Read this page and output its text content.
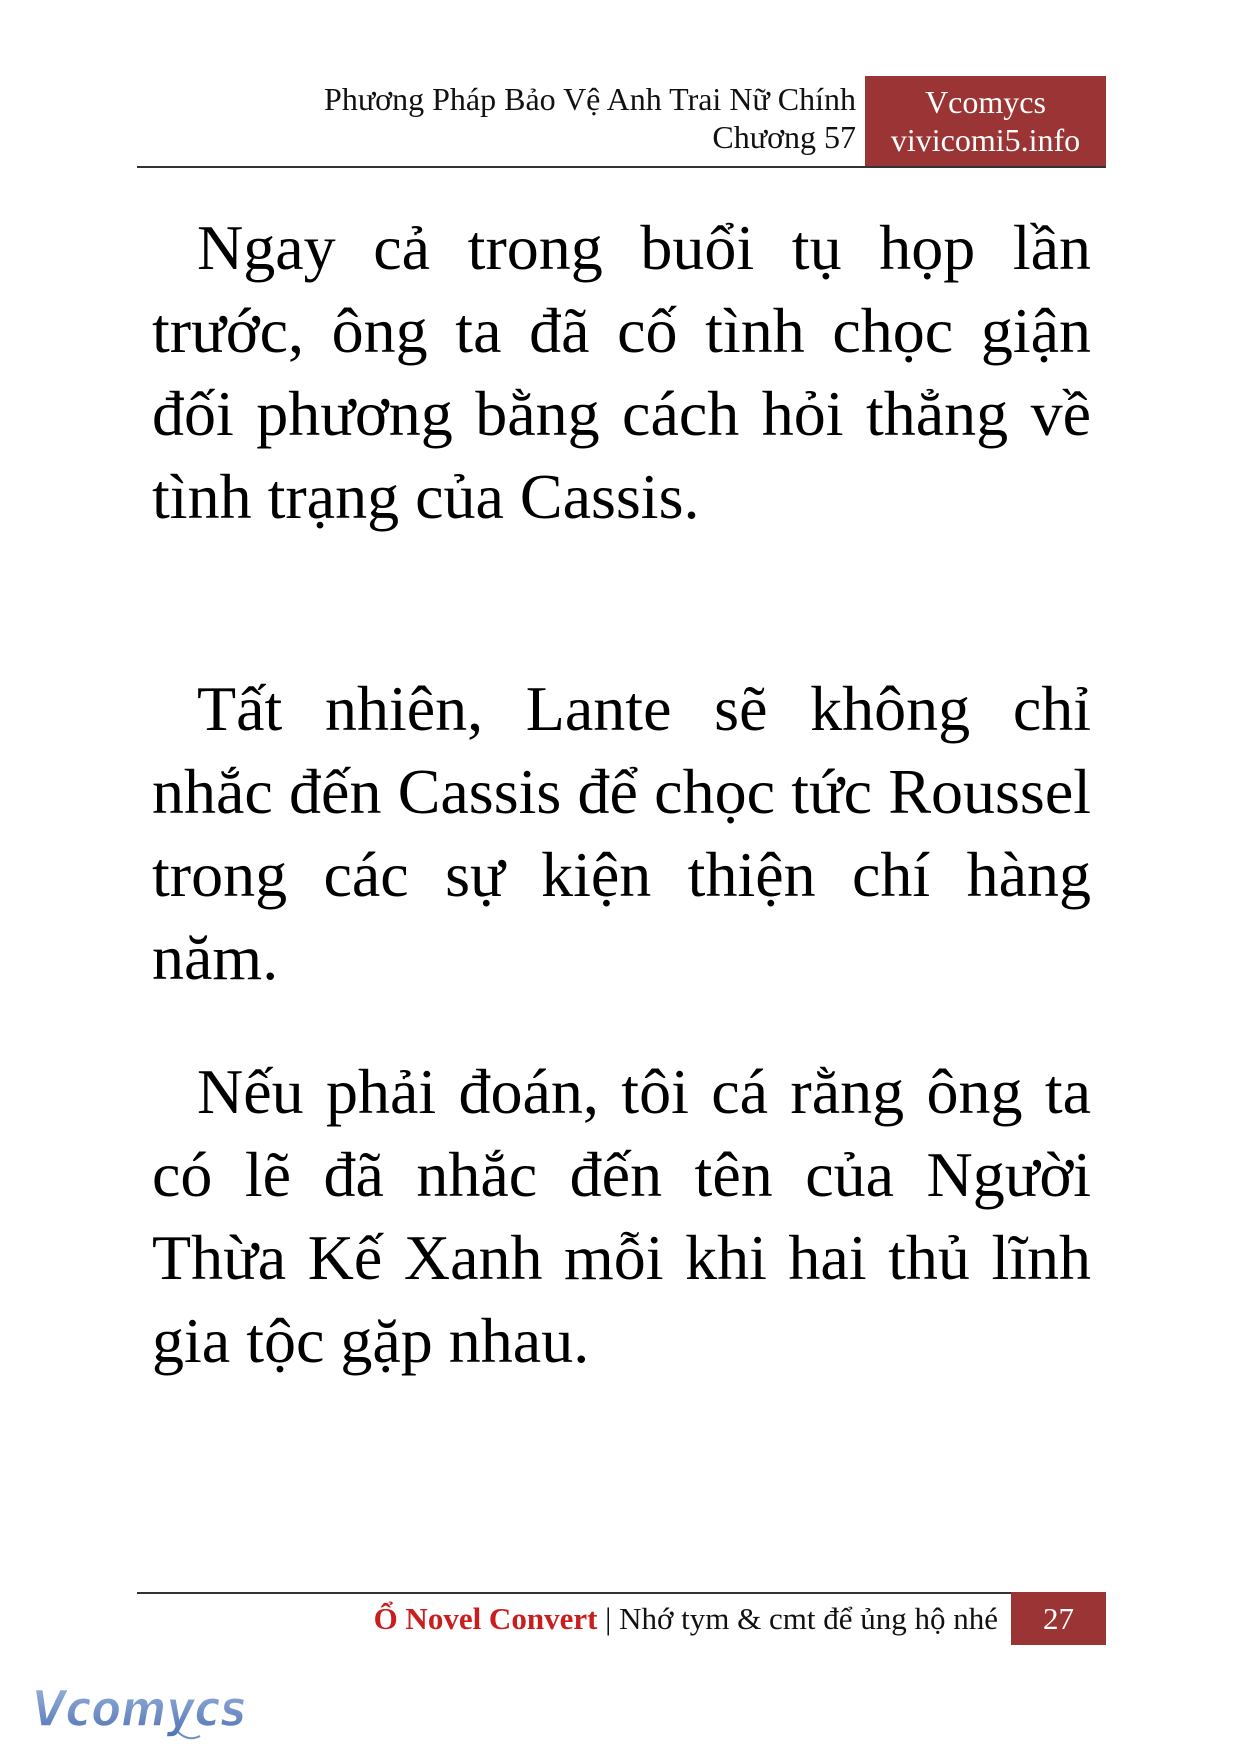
Phương Pháp Bảo Vệ Anh Trai Nữ Chính
Chương 57
Vcomycs
vivicomi5.info

Ngay cả trong buổi tụ họp lần trước, ông ta đã cố tình chọc giận đối phương bằng cách hỏi thẳng về tình trạng của Cassis.

Tất nhiên, Lante sẽ không chỉ nhắc đến Cassis để chọc tức Roussel trong các sự kiện thiện chí hàng năm.

Nếu phải đoán, tôi cá rằng ông ta có lẽ đã nhắc đến tên của Người Thừa Kế Xanh mỗi khi hai thủ lĩnh gia tộc gặp nhau.

Ổ Novel Convert | Nhớ tym & cmt để ủng hộ nhé	27
Vcomycs
